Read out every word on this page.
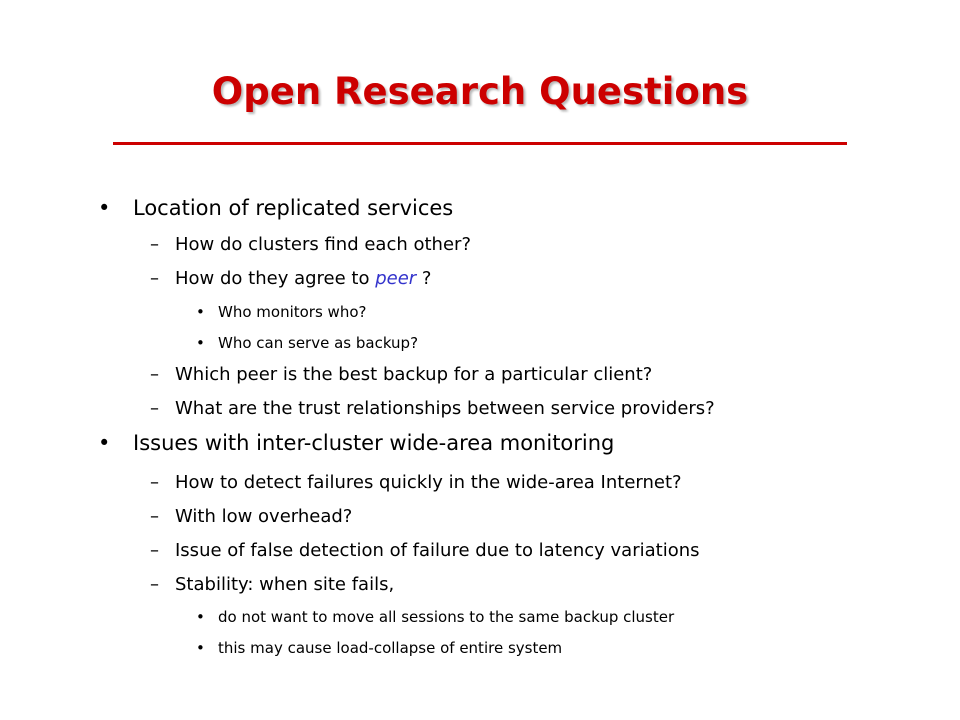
Open Research Questions
• Location of replicated services
– How do clusters find each other?
– How do they agree to peer ?
• Who monitors who?
• Who can serve as backup?
– Which peer is the best backup for a particular client?
– What are the trust relationships between service providers?
• Issues with inter-cluster wide-area monitoring
– How to detect failures quickly in the wide-area Internet?
– With low overhead?
– Issue of false detection of failure due to latency variations
– Stability: when site fails,
• do not want to move all sessions to the same backup cluster
• this may cause load-collapse of entire system
